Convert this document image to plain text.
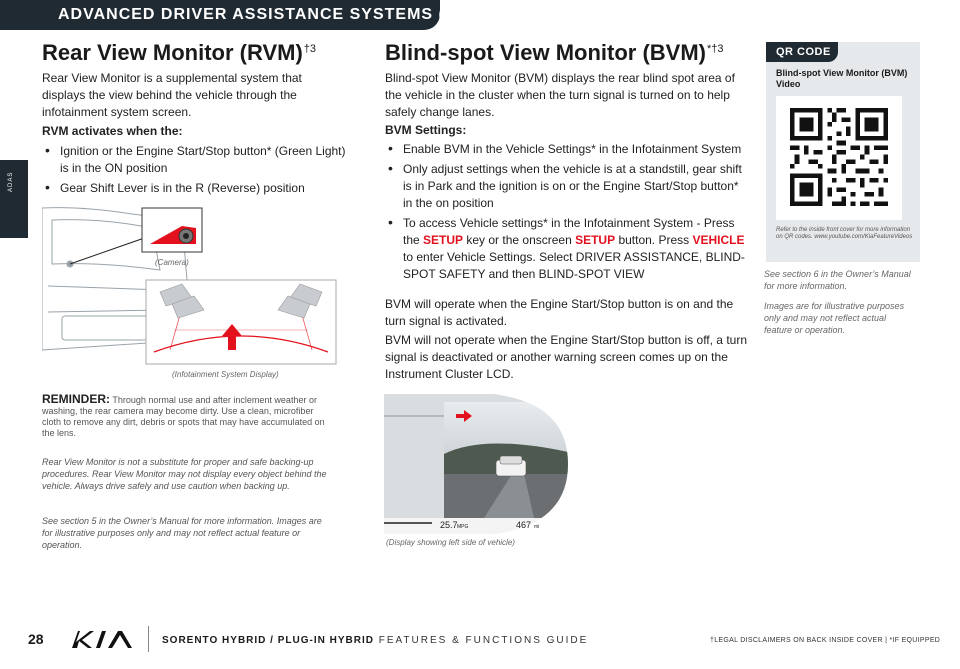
ADVANCED DRIVER ASSISTANCE SYSTEMS (ADAS)
ADAS
Rear View Monitor (RVM)$^{\dagger 3}$

Rear View Monitor is a supplemental system that displays the view behind the vehicle through the infotainment system screen.

RVM activates when the:
• Ignition or the Engine Start/Stop button* (Green Light) is in the ON position
• Gear Shift Lever is in the R (Reverse) position
(Camera)
(Infotainment System Display)

REMINDER: Through normal use and after inclement weather or washing, the rear camera may become dirty. Use a clean, microfiber cloth to remove any dirt, debris or spots that may have accumulated on the lens.

Rear View Monitor is not a substitute for proper and safe backing-up procedures. Rear View Monitor may not display every object behind the vehicle. Always drive safely and use caution when backing up.

See section 5 in the Owner’s Manual for more information. Images are for illustrative purposes only and may not reflect actual feature or operation.

Blind-spot View Monitor (BVM)$^{*\dagger 3}$

Blind-spot View Monitor (BVM) displays the rear blind spot area of the vehicle in the cluster when the turn signal is turned on to help safely change lanes.

BVM Settings:
• Enable BVM in the Vehicle Settings* in the Infotainment System
• Only adjust settings when the vehicle is at a standstill, gear shift is in Park and the ignition is on or the Engine Start/Stop button* in the on position
• To access Vehicle settings* in the Infotainment System - Press the SETUP key or the onscreen SETUP button. Press VEHICLE to enter Vehicle Settings. Select DRIVER ASSISTANCE, BLIND-SPOT SAFETY and then BLIND-SPOT VIEW

BVM will operate when the Engine Start/Stop button is on and the turn signal is activated.

BVM will not operate when the Engine Start/Stop button is off, a turn signal is deactivated or another warning screen comes up on the Instrument Cluster LCD.

25.7 MPG	467 mi
(Display showing left side of vehicle)
QR CODE
Blind-spot View Monitor (BVM) Video
Refer to the inside front cover for more information on QR codes. www.youtube.com/KiaFeatureVideos

See section 6 in the Owner’s Manual for more information.

Images are for illustrative purposes only and may not reflect actual feature or operation.

28	SORENTO HYBRID / PLUG-IN HYBRID FEATURES & FUNCTIONS GUIDE	†LEGAL DISCLAIMERS ON BACK INSIDE COVER | *IF EQUIPPED
